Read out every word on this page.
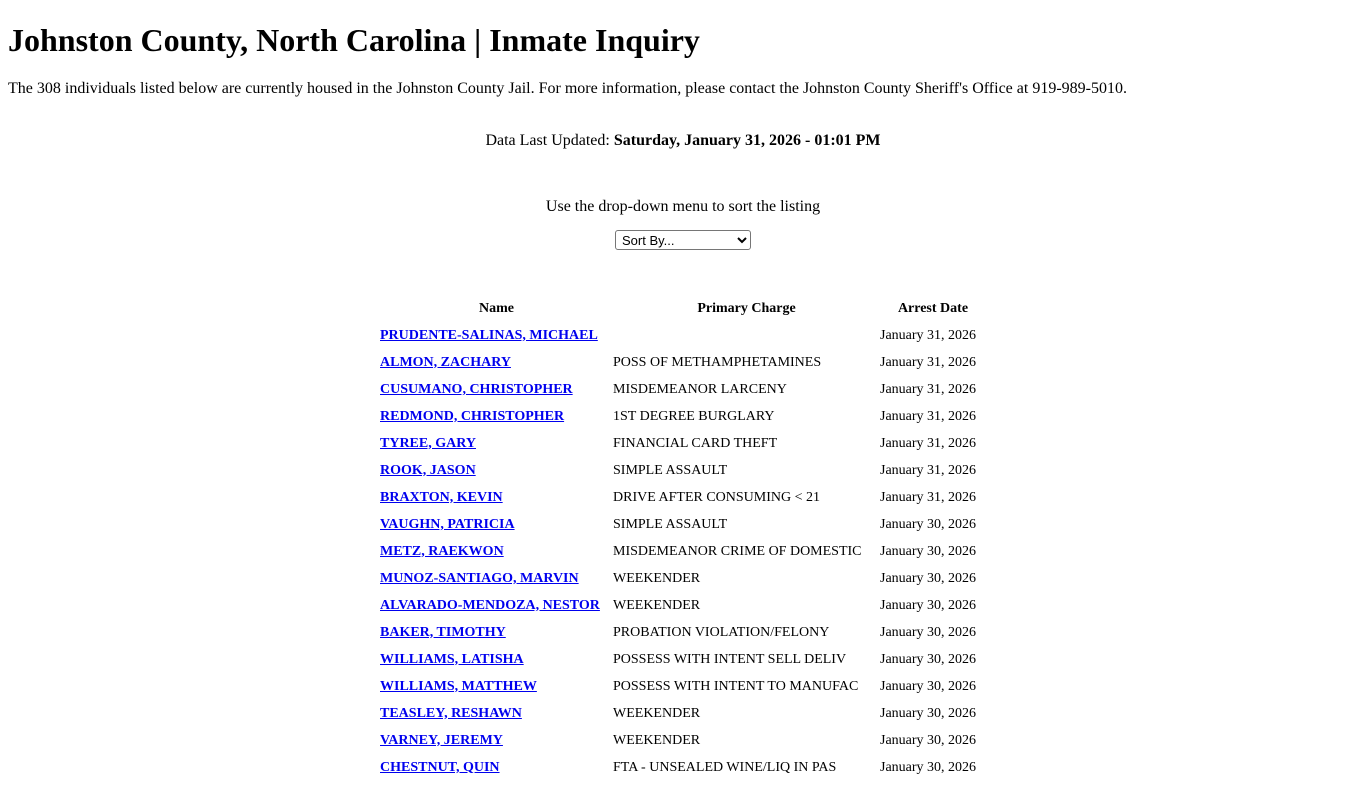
Johnston County, North Carolina | Inmate Inquiry

The 308 individuals listed below are currently housed in the Johnston County Jail. For more information, please contact the Johnston County Sheriff's Office at 919-989-5010.

Data Last Updated: Saturday, January 31, 2026 - 01:01 PM
Use the drop-down menu to sort the listing
Sort By...
Name	Primary Charge	Arrest Date
PRUDENTE-SALINAS, MICHAEL		January 31, 2026
ALMON, ZACHARY	POSS OF METHAMPHETAMINES	January 31, 2026
CUSUMANO, CHRISTOPHER	MISDEMEANOR LARCENY	January 31, 2026
REDMOND, CHRISTOPHER	1ST DEGREE BURGLARY	January 31, 2026
TYREE, GARY	FINANCIAL CARD THEFT	January 31, 2026
ROOK, JASON	SIMPLE ASSAULT	January 31, 2026
BRAXTON, KEVIN	DRIVE AFTER CONSUMING < 21	January 31, 2026
VAUGHN, PATRICIA	SIMPLE ASSAULT	January 30, 2026
METZ, RAEKWON	MISDEMEANOR CRIME OF DOMESTIC	January 30, 2026
MUNOZ-SANTIAGO, MARVIN	WEEKENDER	January 30, 2026
ALVARADO-MENDOZA, NESTOR	WEEKENDER	January 30, 2026
BAKER, TIMOTHY	PROBATION VIOLATION/FELONY	January 30, 2026
WILLIAMS, LATISHA	POSSESS WITH INTENT SELL DELIV	January 30, 2026
WILLIAMS, MATTHEW	POSSESS WITH INTENT TO MANUFAC	January 30, 2026
TEASLEY, RESHAWN	WEEKENDER	January 30, 2026
VARNEY, JEREMY	WEEKENDER	January 30, 2026
CHESTNUT, QUIN	FTA - UNSEALED WINE/LIQ IN PAS	January 30, 2026
